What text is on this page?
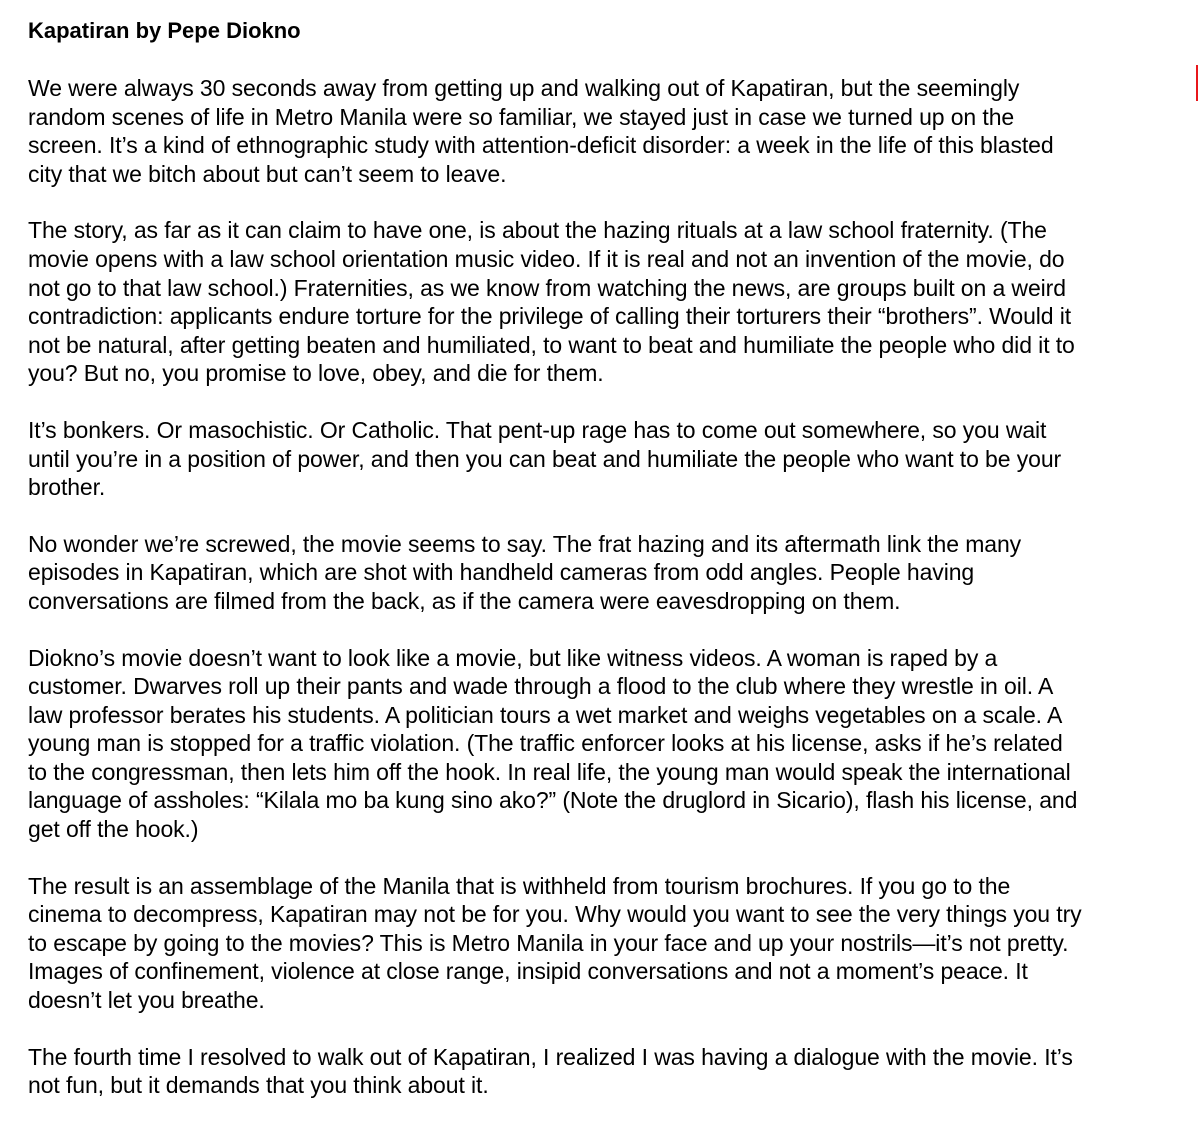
Kapatiran by Pepe Diokno
We were always 30 seconds away from getting up and walking out of Kapatiran, but the seemingly
random scenes of life in Metro Manila were so familiar, we stayed just in case we turned up on the
screen. It’s a kind of ethnographic study with attention-deficit disorder: a week in the life of this blasted
city that we bitch about but can’t seem to leave.
The story, as far as it can claim to have one, is about the hazing rituals at a law school fraternity. (The
movie opens with a law school orientation music video. If it is real and not an invention of the movie, do
not go to that law school.) Fraternities, as we know from watching the news, are groups built on a weird
contradiction: applicants endure torture for the privilege of calling their torturers their “brothers”. Would it
not be natural, after getting beaten and humiliated, to want to beat and humiliate the people who did it to
you? But no, you promise to love, obey, and die for them.
It’s bonkers. Or masochistic. Or Catholic. That pent-up rage has to come out somewhere, so you wait
until you’re in a position of power, and then you can beat and humiliate the people who want to be your
brother.
No wonder we’re screwed, the movie seems to say. The frat hazing and its aftermath link the many
episodes in Kapatiran, which are shot with handheld cameras from odd angles. People having
conversations are filmed from the back, as if the camera were eavesdropping on them.
Diokno’s movie doesn’t want to look like a movie, but like witness videos. A woman is raped by a
customer. Dwarves roll up their pants and wade through a flood to the club where they wrestle in oil. A
law professor berates his students. A politician tours a wet market and weighs vegetables on a scale. A
young man is stopped for a traffic violation. (The traffic enforcer looks at his license, asks if he’s related
to the congressman, then lets him off the hook. In real life, the young man would speak the international
language of assholes: “Kilala mo ba kung sino ako?” (Note the druglord in Sicario), flash his license, and
get off the hook.)
The result is an assemblage of the Manila that is withheld from tourism brochures. If you go to the
cinema to decompress, Kapatiran may not be for you. Why would you want to see the very things you try
to escape by going to the movies? This is Metro Manila in your face and up your nostrils—it’s not pretty.
Images of confinement, violence at close range, insipid conversations and not a moment’s peace. It
doesn’t let you breathe.
The fourth time I resolved to walk out of Kapatiran, I realized I was having a dialogue with the movie. It’s
not fun, but it demands that you think about it.
